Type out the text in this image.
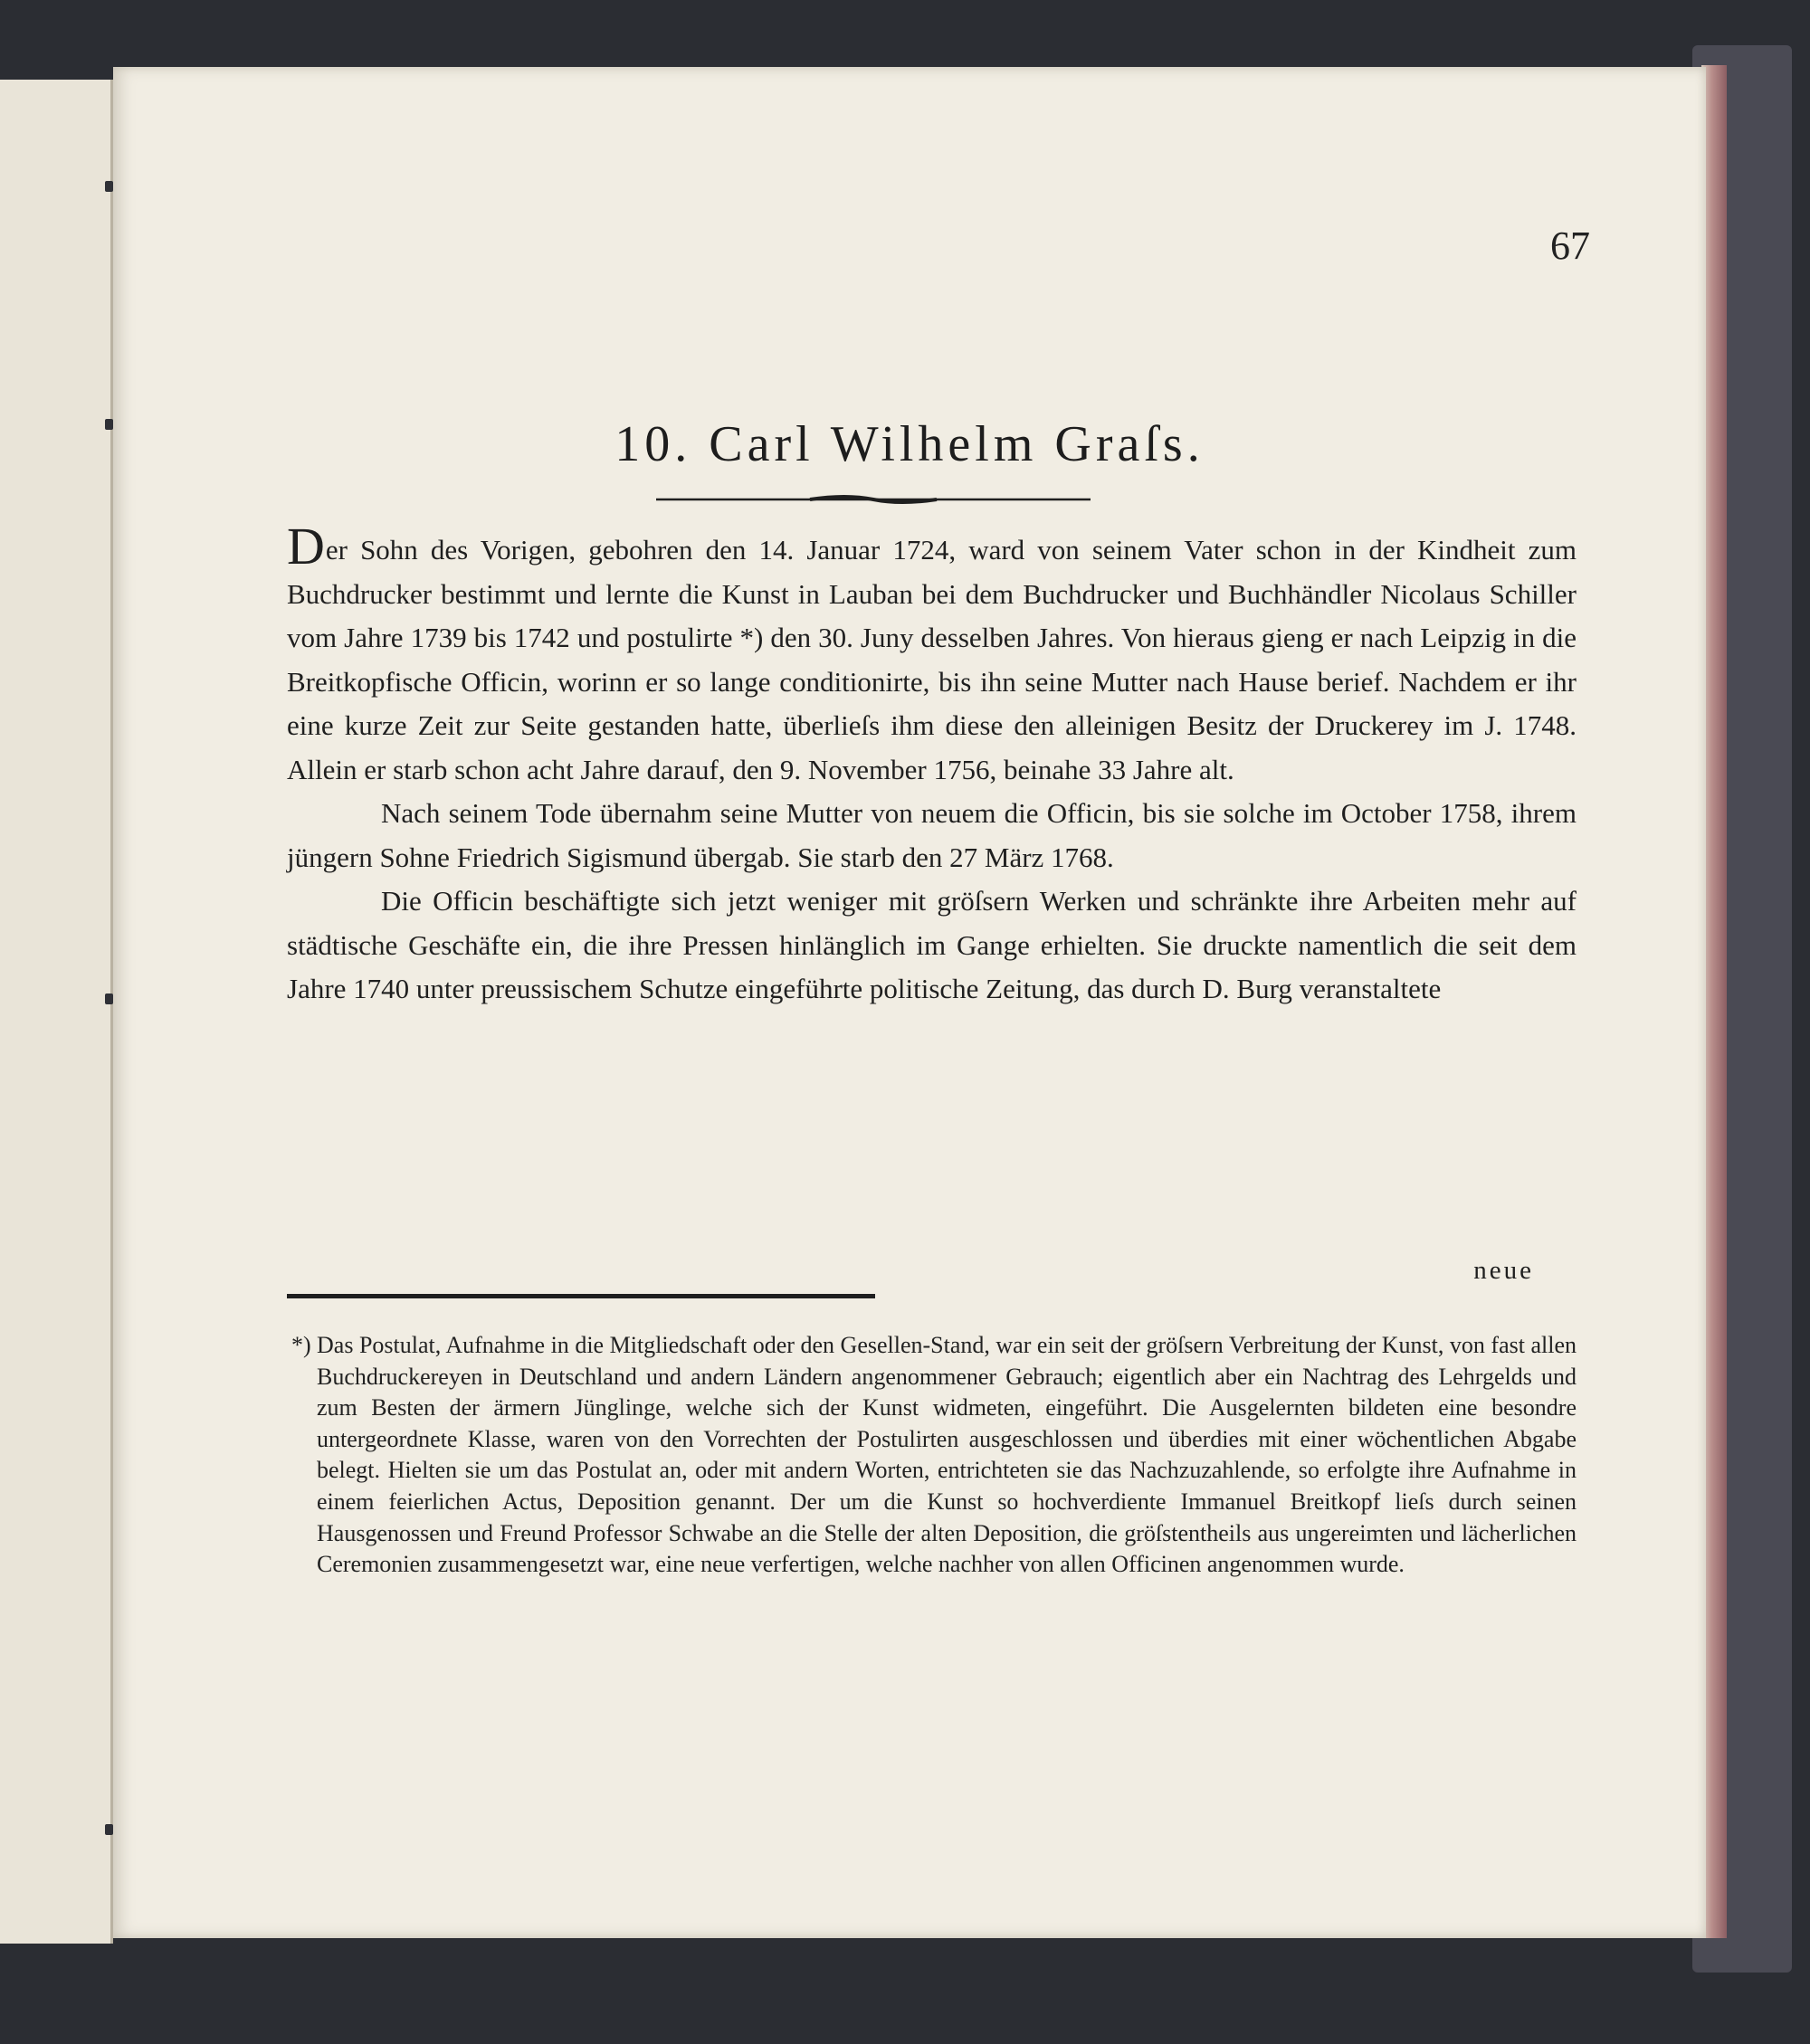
67
10. Carl Wilhelm Graſs.

Der Sohn des Vorigen, gebohren den 14. Januar 1724, ward von seinem Vater schon in der Kindheit zum Buchdrucker bestimmt und lernte die Kunst in Lauban bei dem Buchdrucker und Buchhändler Nicolaus Schiller vom Jahre 1739 bis 1742 und postulirte *) den 30. Juny desselben Jahres. Von hieraus gieng er nach Leipzig in die Breitkopfische Officin, worinn er so lange conditionirte, bis ihn seine Mutter nach Hause berief. Nachdem er ihr eine kurze Zeit zur Seite gestanden hatte, überlieſs ihm diese den alleinigen Besitz der Druckerey im J. 1748. Allein er starb schon acht Jahre darauf, den 9. November 1756, beinahe 33 Jahre alt.

Nach seinem Tode übernahm seine Mutter von neuem die Officin, bis sie solche im October 1758, ihrem jüngern Sohne Friedrich Sigismund übergab. Sie starb den 27 März 1768.

Die Officin beschäftigte sich jetzt weniger mit gröſsern Werken und schränkte ihre Arbeiten mehr auf städtische Geschäfte ein, die ihre Pressen hinlänglich im Gange erhielten. Sie druckte namentlich die seit dem Jahre 1740 unter preussischem Schutze eingeführte politische Zeitung, das durch D. Burg veranstaltete

neue
*) Das Postulat, Aufnahme in die Mitgliedschaft oder den Gesellen-Stand, war ein seit der gröſsern Verbreitung der Kunst, von fast allen Buchdruckereyen in Deutschland und andern Ländern angenommener Gebrauch; eigentlich aber ein Nachtrag des Lehrgelds und zum Besten der ärmern Jünglinge, welche sich der Kunst widmeten, eingeführt. Die Ausgelernten bildeten eine besondre untergeordnete Klasse, waren von den Vorrechten der Postulirten ausgeschlossen und überdies mit einer wöchentlichen Abgabe belegt. Hielten sie um das Postulat an, oder mit andern Worten, entrichteten sie das Nachzuzahlende, so erfolgte ihre Aufnahme in einem feierlichen Actus, Deposition genannt. Der um die Kunst so hochverdiente Immanuel Breitkopf lieſs durch seinen Hausgenossen und Freund Professor Schwabe an die Stelle der alten Deposition, die gröſstentheils aus ungereimten und lächerlichen Ceremonien zusammengesetzt war, eine neue verfertigen, welche nachher von allen Officinen angenommen wurde.
